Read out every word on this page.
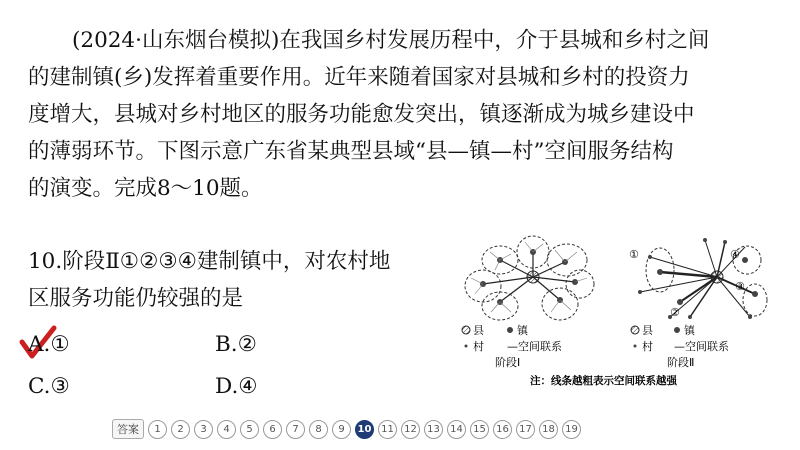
(2024·山东烟台模拟)在我国乡村发展历程中，介于县城和乡村之间
的建制镇(乡)发挥着重要作用。近年来随着国家对县城和乡村的投资力
度增大，县城对乡村地区的服务功能愈发突出，镇逐渐成为城乡建设中
的薄弱环节。下图示意广东省某典型县域“县—镇—村”空间服务结构
的演变。完成8～10题。
10.阶段Ⅱ①②③④建制镇中，对农村地
区服务功能仍较强的是
A.①	B.②
C.③	D.④
①
②
③
④
县	镇
村 —空间联系
阶段Ⅰ
县	镇
村 —空间联系
阶段Ⅱ
注：线条越粗表示空间联系越强
答案	1	2	3	4	5	6	7	8	9	10 11	12	13	14	15	16	17	18	19
